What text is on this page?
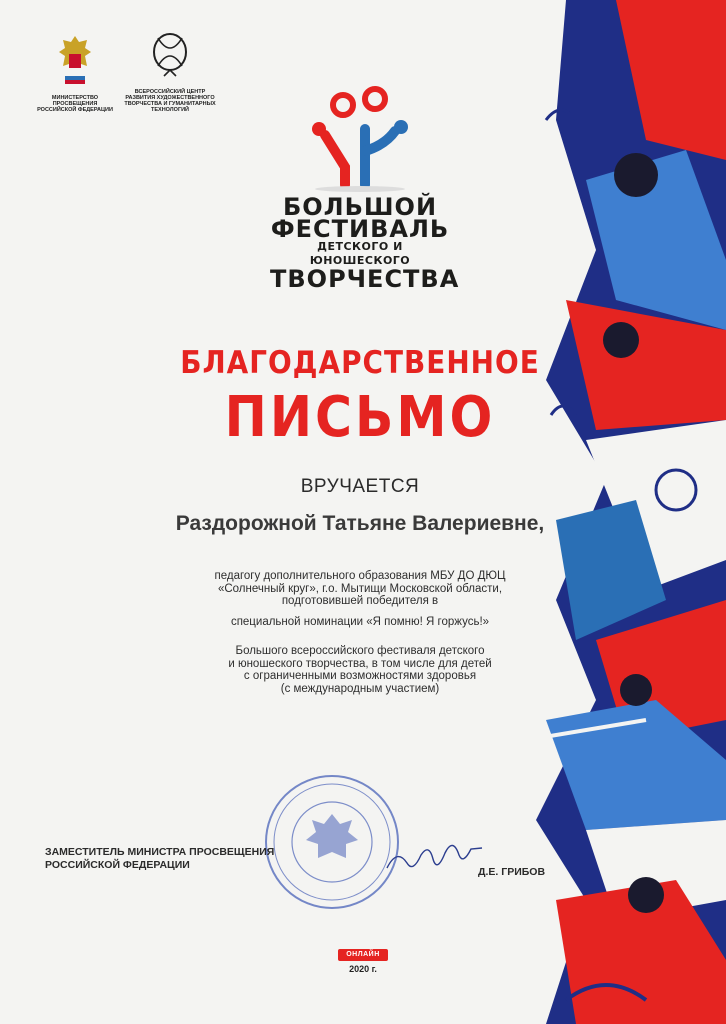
МИНИСТЕРСТВО ПРОСВЕЩЕНИЯ
РОССИЙСКОЙ ФЕДЕРАЦИИ
ВСЕРОССИЙСКИЙ ЦЕНТР
РАЗВИТИЯ ХУДОЖЕСТВЕННОГО
ТВОРЧЕСТВА И ГУМАНИТАРНЫХ
ТЕХНОЛОГИЙ
БОЛЬШОЙ
ФЕСТИВАЛЬ
ДЕТСКОГО И ЮНОШЕСКОГО
ТВОРЧЕСТВА
БЛАГОДАРСТВЕННОЕ
ПИСЬМО
ВРУЧАЕТСЯ
Раздорожной Татьяне Валериевне,
педагогу дополнительного образования МБУ ДО ДЮЦ
«Солнечный круг», г.о. Мытищи Московской области,
подготовившей победителя в
специальной номинации «Я помню! Я горжусь!»
Большого всероссийского фестиваля детского
и юношеского творчества, в том числе для детей
с ограниченными возможностями здоровья
(с международным участием)
ЗАМЕСТИТЕЛЬ МИНИСТРА ПРОСВЕЩЕНИЯ
РОССИЙСКОЙ ФЕДЕРАЦИИ
Д.Е. ГРИБОВ
ОНЛАЙН
2020 г.
